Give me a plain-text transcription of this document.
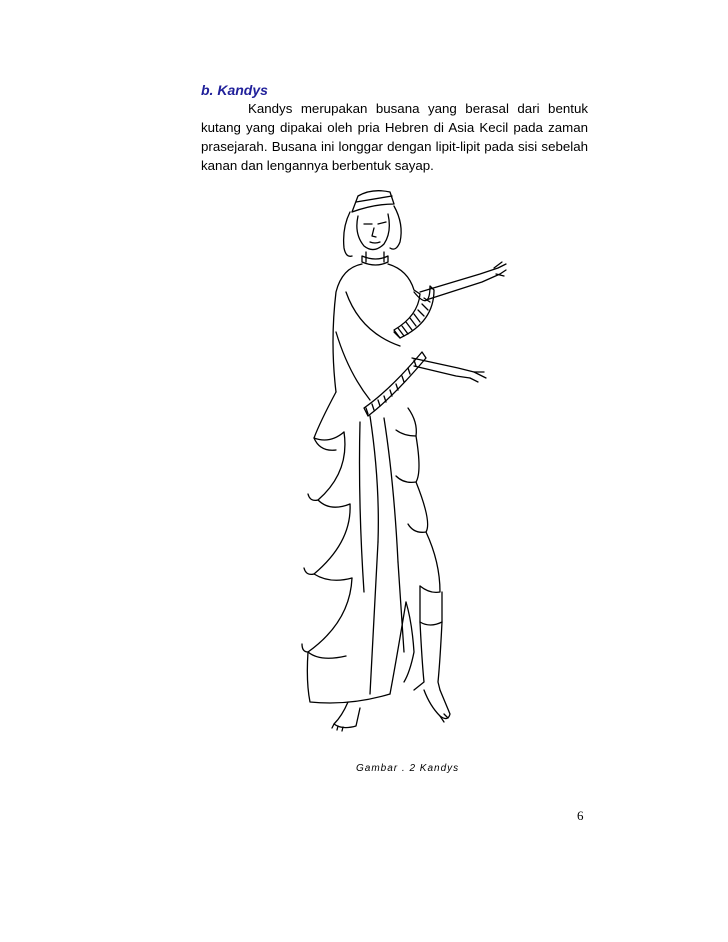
b. Kandys

Kandys merupakan busana yang berasal dari bentuk kutang yang dipakai oleh pria Hebren di Asia Kecil pada zaman prasejarah. Busana ini longgar dengan lipit-lipit pada sisi sebelah kanan dan lengannya berbentuk sayap.

Gambar . 2 Kandys
6
